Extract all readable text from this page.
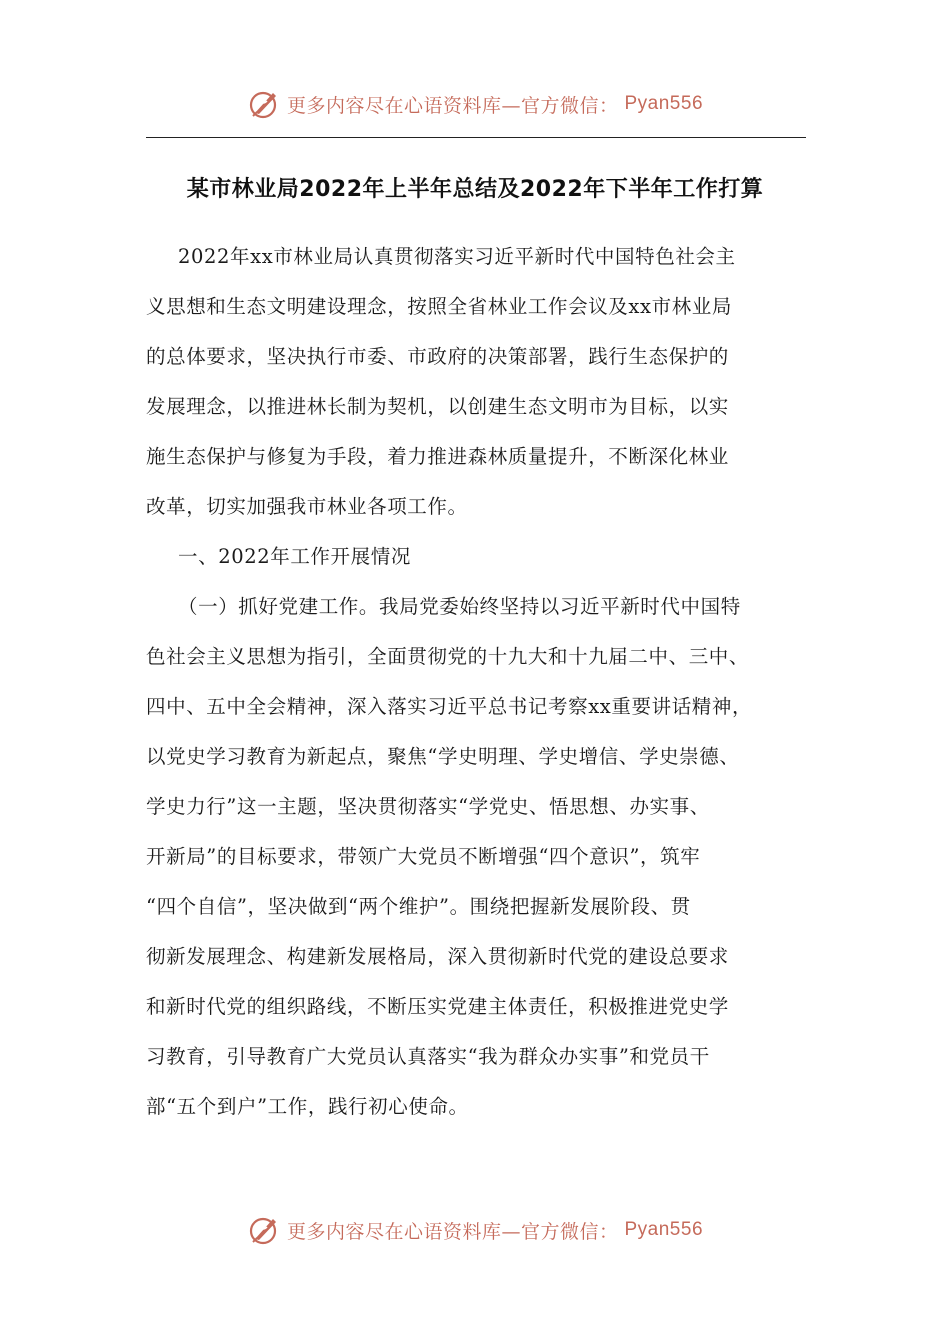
更多内容尽在心语资料库—官方微信： Pyan556
某市林业局2022年上半年总结及2022年下半年工作打算
2022年xx市林业局认真贯彻落实习近平新时代中国特色社会主
义思想和生态文明建设理念，按照全省林业工作会议及xx市林业局
的总体要求，坚决执行市委、市政府的决策部署，践行生态保护的
发展理念，以推进林长制为契机，以创建生态文明市为目标，以实
施生态保护与修复为手段，着力推进森林质量提升，不断深化林业
改革，切实加强我市林业各项工作。
一、2022年工作开展情况
（一）抓好党建工作。我局党委始终坚持以习近平新时代中国特
色社会主义思想为指引，全面贯彻党的十九大和十九届二中、三中、
四中、五中全会精神，深入落实习近平总书记考察xx重要讲话精神，
以党史学习教育为新起点，聚焦“学史明理、学史增信、学史崇德、
学史力行”这一主题，坚决贯彻落实“学党史、悟思想、办实事、
开新局”的目标要求，带领广大党员不断增强“四个意识”，筑牢
“四个自信”，坚决做到“两个维护”。围绕把握新发展阶段、贯
彻新发展理念、构建新发展格局，深入贯彻新时代党的建设总要求
和新时代党的组织路线，不断压实党建主体责任，积极推进党史学
习教育，引导教育广大党员认真落实“我为群众办实事”和党员干
部“五个到户”工作，践行初心使命。
更多内容尽在心语资料库—官方微信： Pyan556
